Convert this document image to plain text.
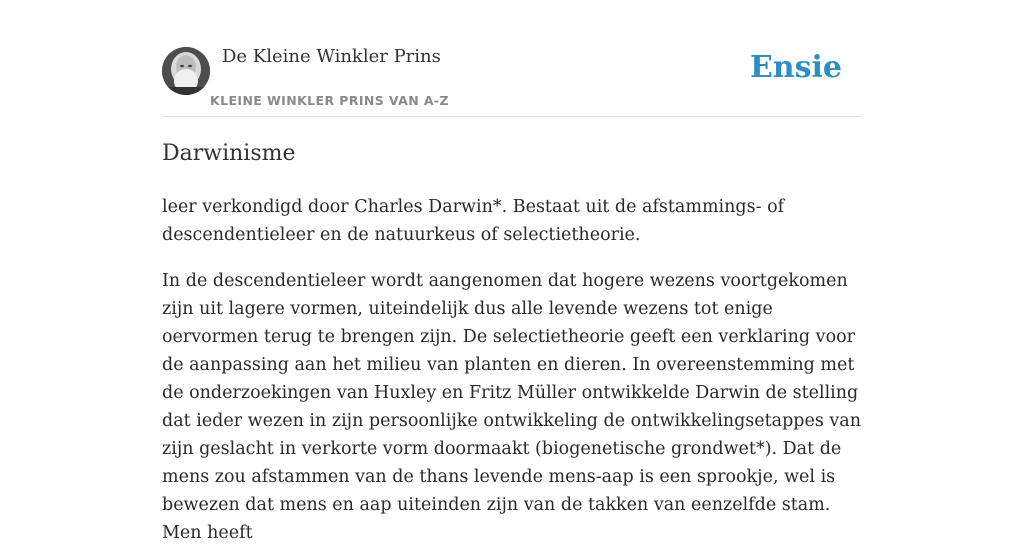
De Kleine Winkler Prins
KLEINE WINKLER PRINS VAN A-Z
Ensie
Darwinisme

leer verkondigd door Charles Darwin*. Bestaat uit de afstammings- of descendentieleer en de natuurkeus of selectietheorie.

In de descendentieleer wordt aangenomen dat hogere wezens voortgekomen zijn uit lagere vormen, uiteindelijk dus alle levende wezens tot enige oervormen terug te brengen zijn. De selectietheorie geeft een verklaring voor de aanpassing aan het milieu van planten en dieren. In overeenstemming met de onderzoekingen van Huxley en Fritz Müller ontwikkelde Darwin de stelling dat ieder wezen in zijn persoonlijke ontwikkeling de ontwikkelingsetappes van zijn geslacht in verkorte vorm doormaakt (biogenetische grondwet*). Dat de mens zou afstammen van de thans levende mens-aap is een sprookje, wel is bewezen dat mens en aap uiteinden zijn van de takken van eenzelfde stam. Men heeft
